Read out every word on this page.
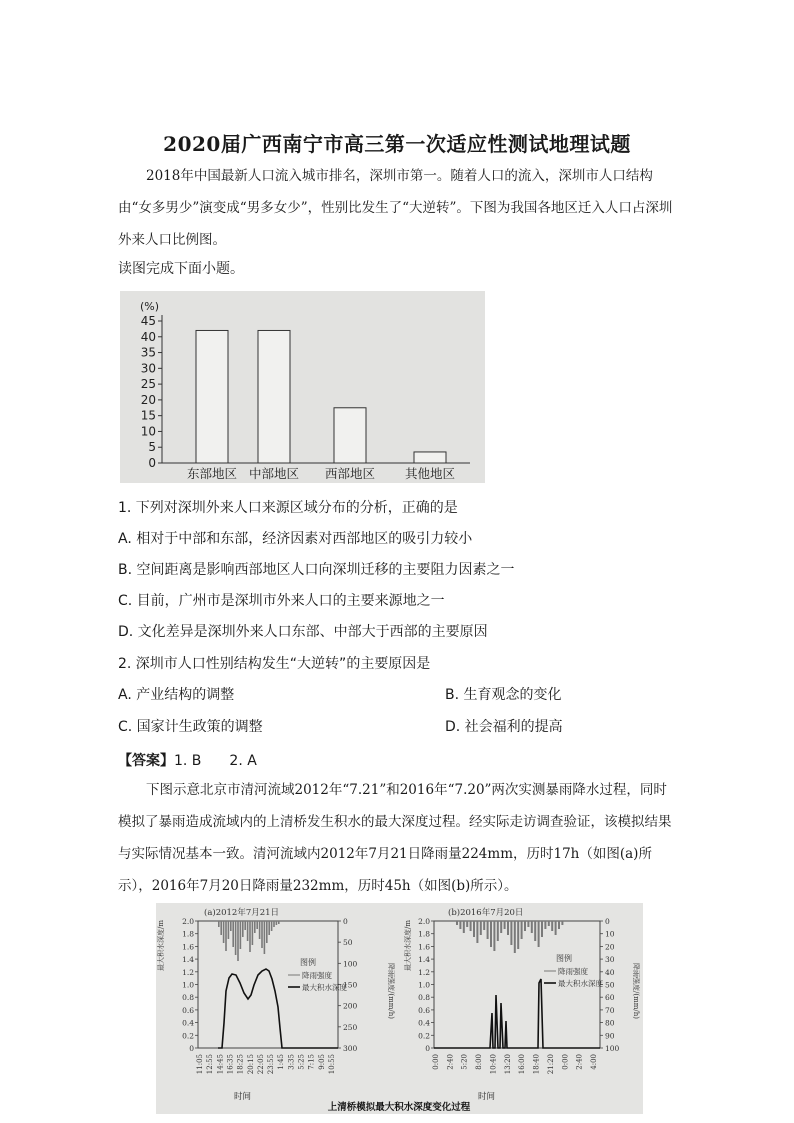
2020届广西南宁市高三第一次适应性测试地理试题
2018年中国最新人口流入城市排名，深圳市第一。随着人口的流入，深圳市人口结构由“女多男少”演变成“男多女少”，性别比发生了“大逆转”。下图为我国各地区迁入人口占深圳外来人口比例图。
读图完成下面小题。
(%)
45
40
35
30
25
20
15
10
5
0
东部地区 中部地区 西部地区 其他地区
1. 下列对深圳外来人口来源区域分布的分析，正确的是
A. 相对于中部和东部，经济因素对西部地区的吸引力较小
B. 空间距离是影响西部地区人口向深圳迁移的主要阻力因素之一
C. 目前，广州市是深圳市外来人口的主要来源地之一
D. 文化差异是深圳外来人口东部、中部大于西部的主要原因
2. 深圳市人口性别结构发生“大逆转”的主要原因是
A. 产业结构的调整	B. 生育观念的变化
C. 国家计生政策的调整	D. 社会福利的提高
【答案】1. B　　2. A
下图示意北京市清河流域2012年“7.21”和2016年“7.20”两次实测暴雨降水过程，同时模拟了暴雨造成流域内的上清桥发生积水的最大深度过程。经实际走访调查验证，该模拟结果与实际情况基本一致。清河流域内2012年7月21日降雨量224mm，历时17h（如图(a)所示），2016年7月20日降雨量232mm，历时45h（如图(b)所示）。
(a)2012年7月21日
最大积水深度/m
降雨强度/(mm/h)
2.0
1.8
1.6
1.4
1.2
1.0
0.8
0.6
0.4
0.2
0
0
50
100
150
200
250
300
11:05 12:55 14:45 16:35 18:25 20:15 22:05 23:55 1:45 3:35 5:25 7:15 9:05 10:55
时间
图例
降雨强度
最大积水深度
(b)2016年7月20日
最大积水深度/m
降雨强度/(mm/h)
2.0
1.8
1.6
1.4
1.2
1.0
0.8
0.6
0.4
0.2
0
0
10
20
30
40
50
60
70
80
90
100
0:00 2:40 5:20 8:00 10:40 13:20 16:00 18:40 21:20 0:00 2:40 4:00
时间
图例
降雨强度
最大积水深度
上清桥模拟最大积水深度变化过程
